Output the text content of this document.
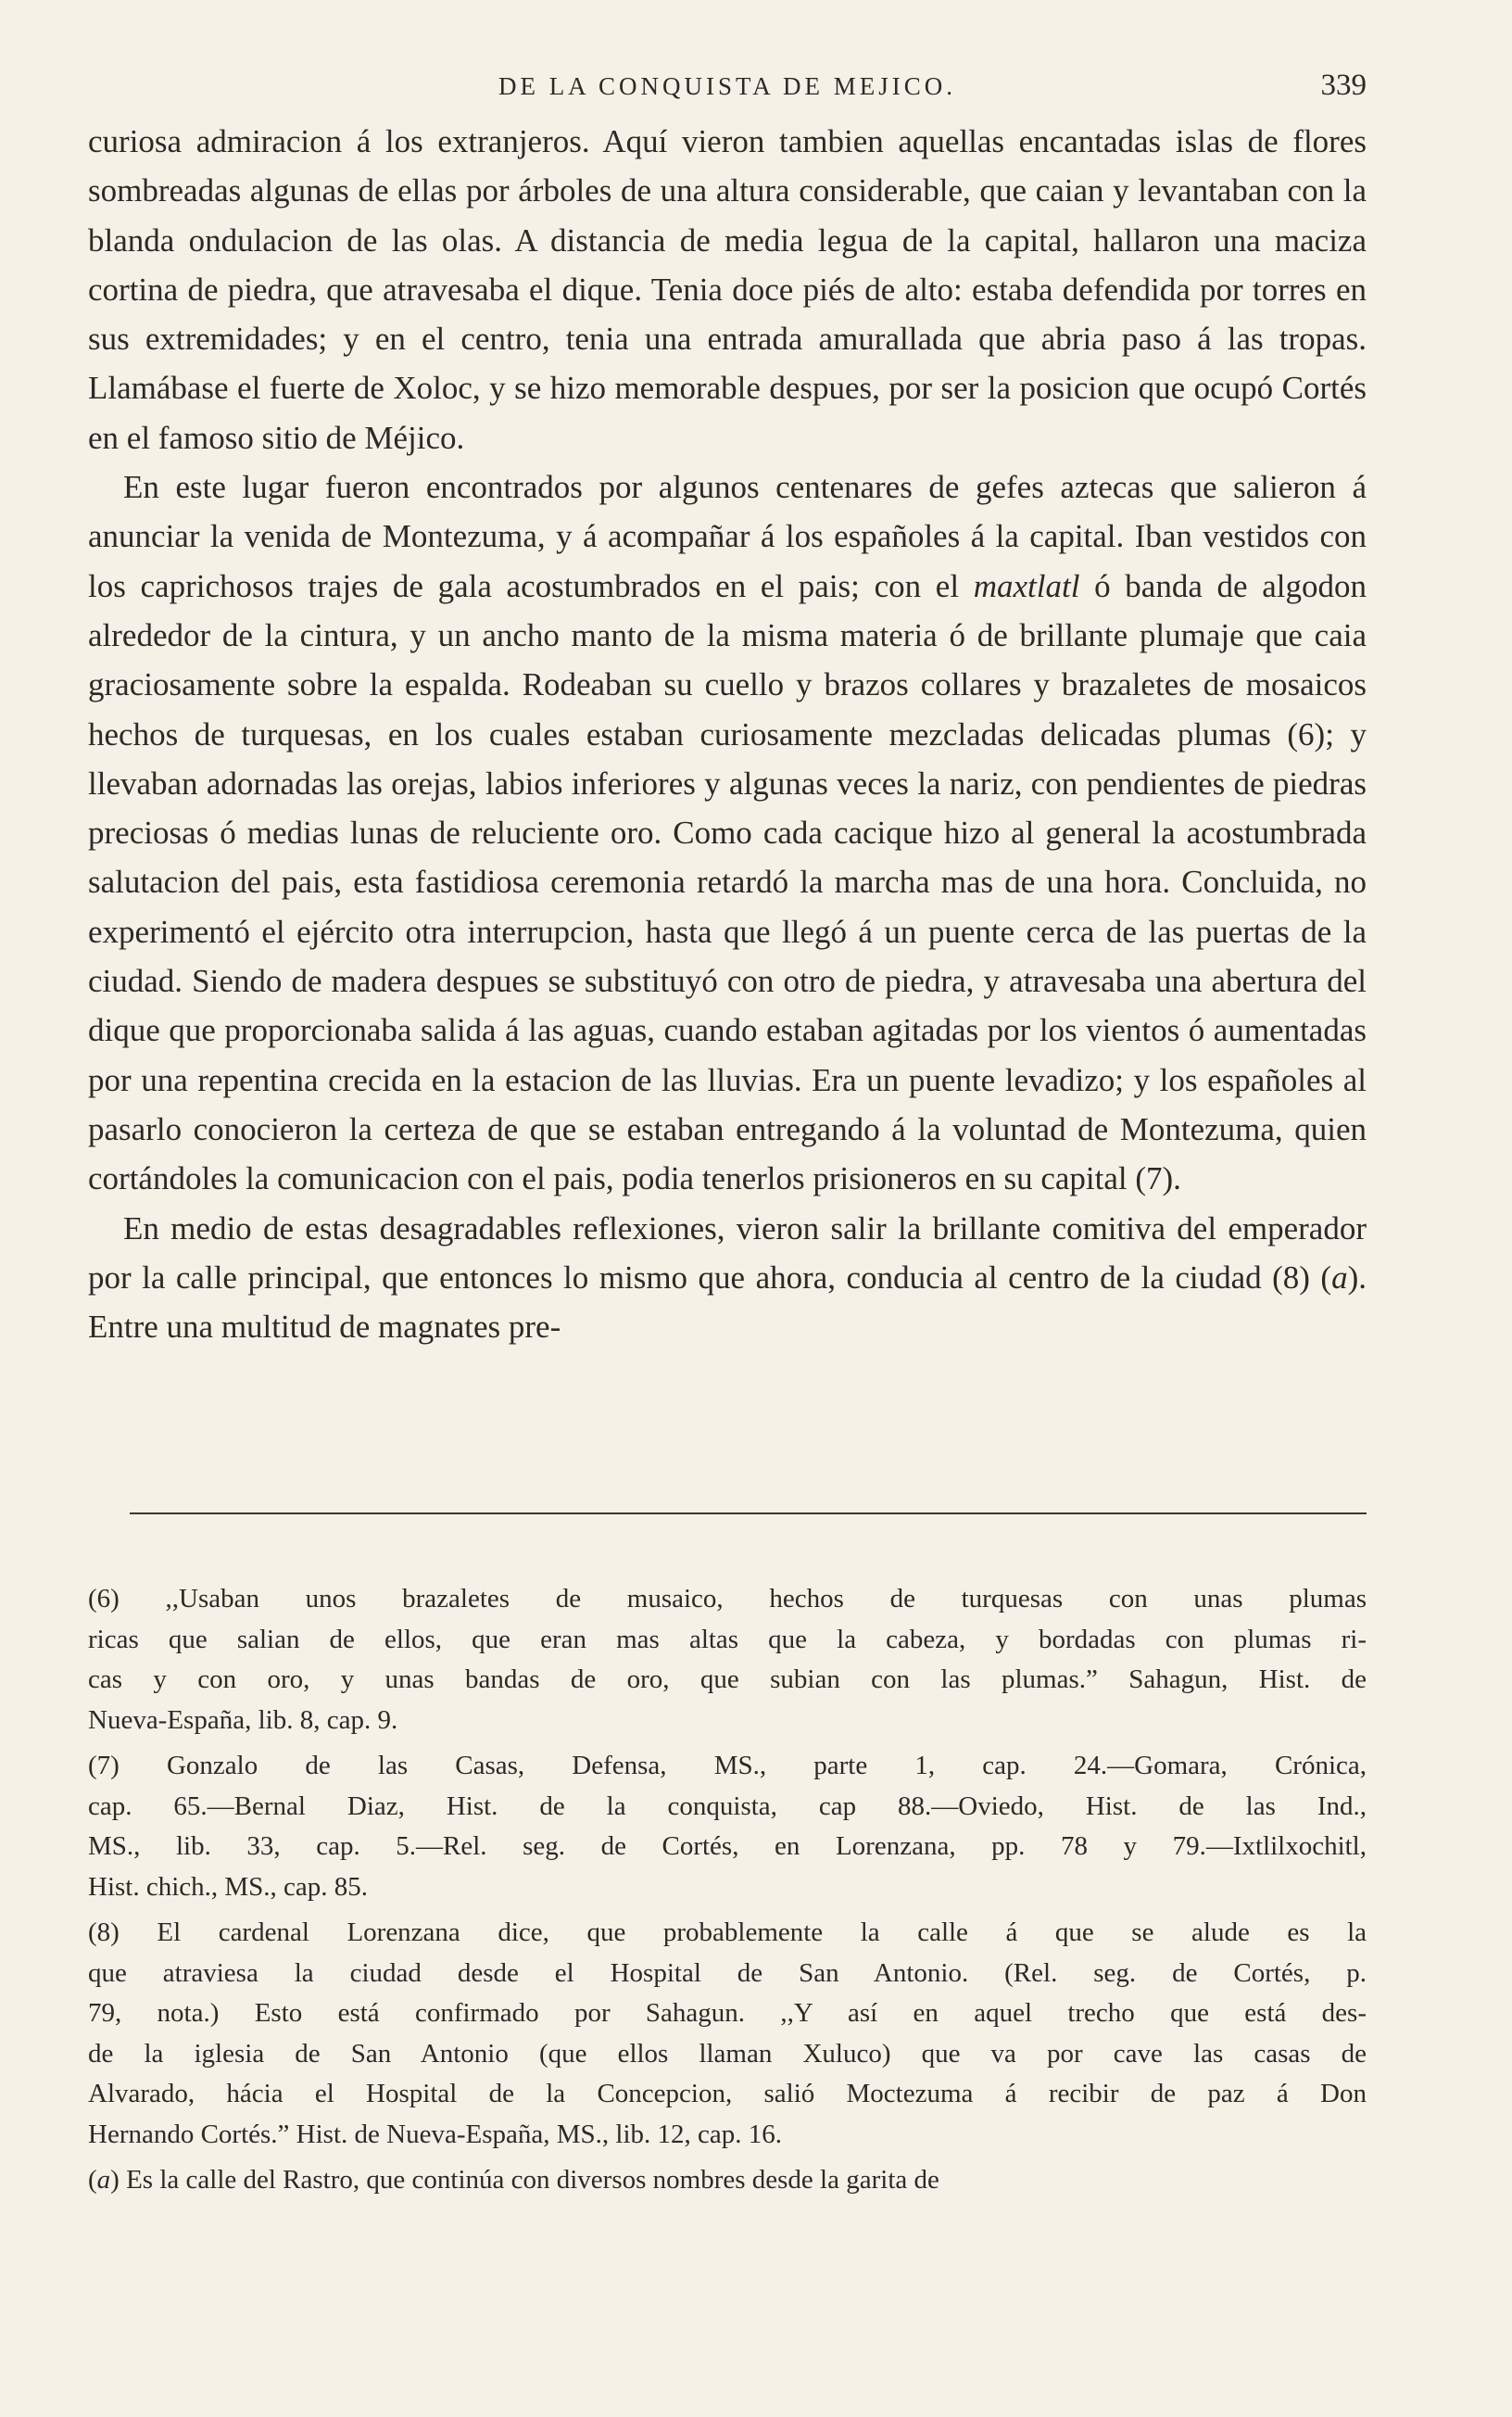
DE LA CONQUISTA DE MEJICO.	339

curiosa admiracion á los extranjeros. Aquí vieron tambien aquellas encantadas islas de flores sombreadas algunas de ellas por árboles de una altura considerable, que caian y levantaban con la blanda ondulacion de las olas. A distancia de media legua de la capital, hallaron una maciza cortina de piedra, que atravesaba el dique. Tenia doce piés de alto: estaba defendida por torres en sus extremidades; y en el centro, tenia una entrada amurallada que abria paso á las tropas. Llamábase el fuerte de Xoloc, y se hizo memorable despues, por ser la posicion que ocupó Cortés en el famoso sitio de Méjico.

En este lugar fueron encontrados por algunos centenares de gefes aztecas que salieron á anunciar la venida de Montezuma, y á acompañar á los españoles á la capital. Iban vestidos con los caprichosos trajes de gala acostumbrados en el pais; con el maxtlatl ó banda de algodon alrededor de la cintura, y un ancho manto de la misma materia ó de brillante plumaje que caia graciosamente sobre la espalda. Rodeaban su cuello y brazos collares y brazaletes de mosaicos hechos de turquesas, en los cuales estaban curiosamente mezcladas delicadas plumas (6); y llevaban adornadas las orejas, labios inferiores y algunas veces la nariz, con pendientes de piedras preciosas ó medias lunas de reluciente oro. Como cada cacique hizo al general la acostumbrada salutacion del pais, esta fastidiosa ceremonia retardó la marcha mas de una hora. Concluida, no experimentó el ejército otra interrupcion, hasta que llegó á un puente cerca de las puertas de la ciudad. Siendo de madera despues se substituyó con otro de piedra, y atravesaba una abertura del dique que proporcionaba salida á las aguas, cuando estaban agitadas por los vientos ó aumentadas por una repentina crecida en la estacion de las lluvias. Era un puente levadizo; y los españoles al pasarlo conocieron la certeza de que se estaban entregando á la voluntad de Montezuma, quien cortándoles la comunicacion con el pais, podia tenerlos prisioneros en su capital (7).

En medio de estas desagradables reflexiones, vieron salir la brillante comitiva del emperador por la calle principal, que entonces lo mismo que ahora, conducia al centro de la ciudad (8) (a). Entre una multitud de magnates pre-

(6) ,,Usaban unos brazaletes de musaico, hechos de turquesas con unas plumas
ricas que salian de ellos, que eran mas altas que la cabeza, y bordadas con plumas ri-
cas y con oro, y unas bandas de oro, que subian con las plumas.” Sahagun, Hist. de
Nueva-España, lib. 8, cap. 9.
(7) Gonzalo de las Casas, Defensa, MS., parte 1, cap. 24.—Gomara, Crónica,
cap. 65.—Bernal Diaz, Hist. de la conquista, cap 88.—Oviedo, Hist. de las Ind.,
MS., lib. 33, cap. 5.—Rel. seg. de Cortés, en Lorenzana, pp. 78 y 79.—Ixtlilxochitl,
Hist. chich., MS., cap. 85.
(8) El cardenal Lorenzana dice, que probablemente la calle á que se alude es la
que atraviesa la ciudad desde el Hospital de San Antonio. (Rel. seg. de Cortés, p.
79, nota.) Esto está confirmado por Sahagun. ,,Y así en aquel trecho que está des-
de la iglesia de San Antonio (que ellos llaman Xuluco) que va por cave las casas de
Alvarado, hácia el Hospital de la Concepcion, salió Moctezuma á recibir de paz á Don
Hernando Cortés.” Hist. de Nueva-España, MS., lib. 12, cap. 16.
(a) Es la calle del Rastro, que continúa con diversos nombres desde la garita de
